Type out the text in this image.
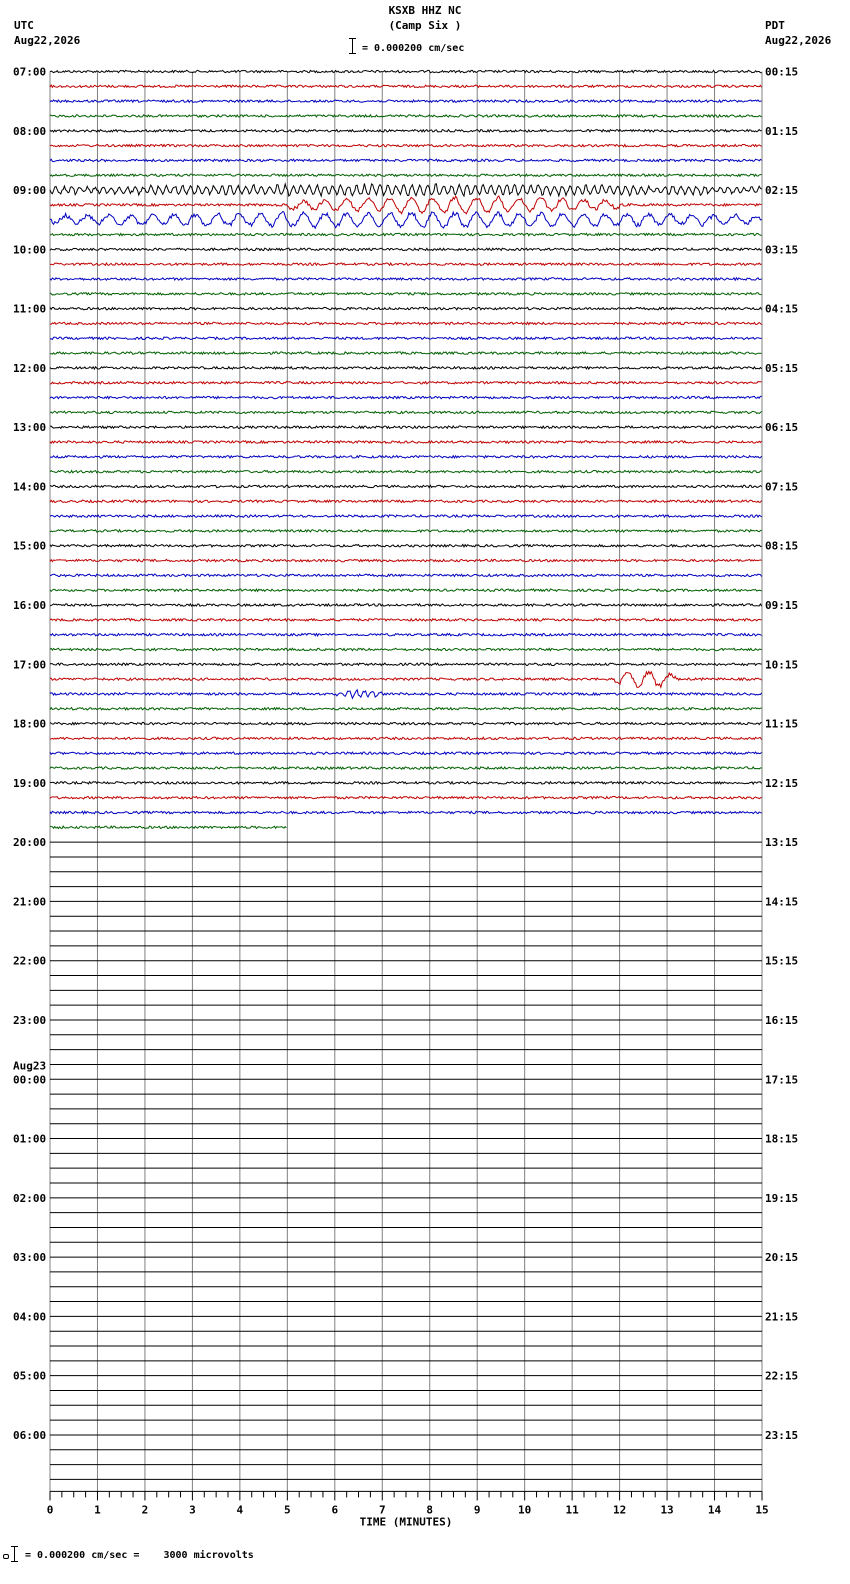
KSXB HHZ NC
(Camp Six )
UTC
Aug22,2026
PDT
Aug22,2026
= 0.000200 cm/sec
07:00	00:15
08:00	01:15
09:00	02:15
10:00	03:15
11:00	04:15
12:00	05:15
13:00	06:15
14:00	07:15
15:00	08:15
16:00	09:15
17:00	10:15
18:00	11:15
19:00	12:15
20:00	13:15
21:00	14:15
22:00	15:15
23:00	16:15
00:00	17:15
01:00	18:15
02:00	19:15
03:00	20:15
04:00	21:15
05:00	22:15
06:00	23:15
Aug23
0	1	2	3	4	5	6	7	8	9	10	11	12	13	14	15
TIME (MINUTES)
= 0.000200 cm/sec =    3000 microvolts
